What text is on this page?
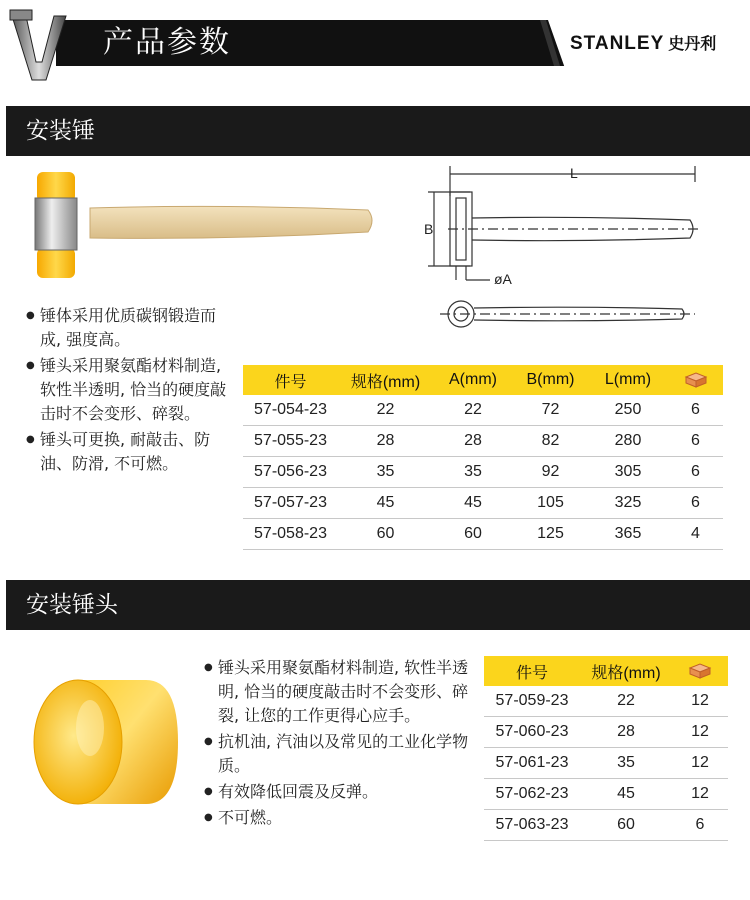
产品参数	STANLEY 史丹利
安装锤
L
B
øA
● 锤体采用优质碳钢锻造而成, 强度高。
● 锤头采用聚氨酯材料制造, 软性半透明, 恰当的硬度敲击时不会变形、碎裂。
● 锤头可更换, 耐敲击、防油、防滑, 不可燃。
件号	规格(mm)	A(mm)	B(mm)	L(mm)	
57-054-23	22	22	72	250	6
57-055-23	28	28	82	280	6
57-056-23	35	35	92	305	6
57-057-23	45	45	105	325	6
57-058-23	60	60	125	365	4
安装锤头
● 锤头采用聚氨酯材料制造, 软性半透明, 恰当的硬度敲击时不会变形、碎裂, 让您的工作更得心应手。
● 抗机油, 汽油以及常见的工业化学物质。
● 有效降低回震及反弹。
● 不可燃。
件号	规格(mm)	
57-059-23	22	12
57-060-23	28	12
57-061-23	35	12
57-062-23	45	12
57-063-23	60	6
